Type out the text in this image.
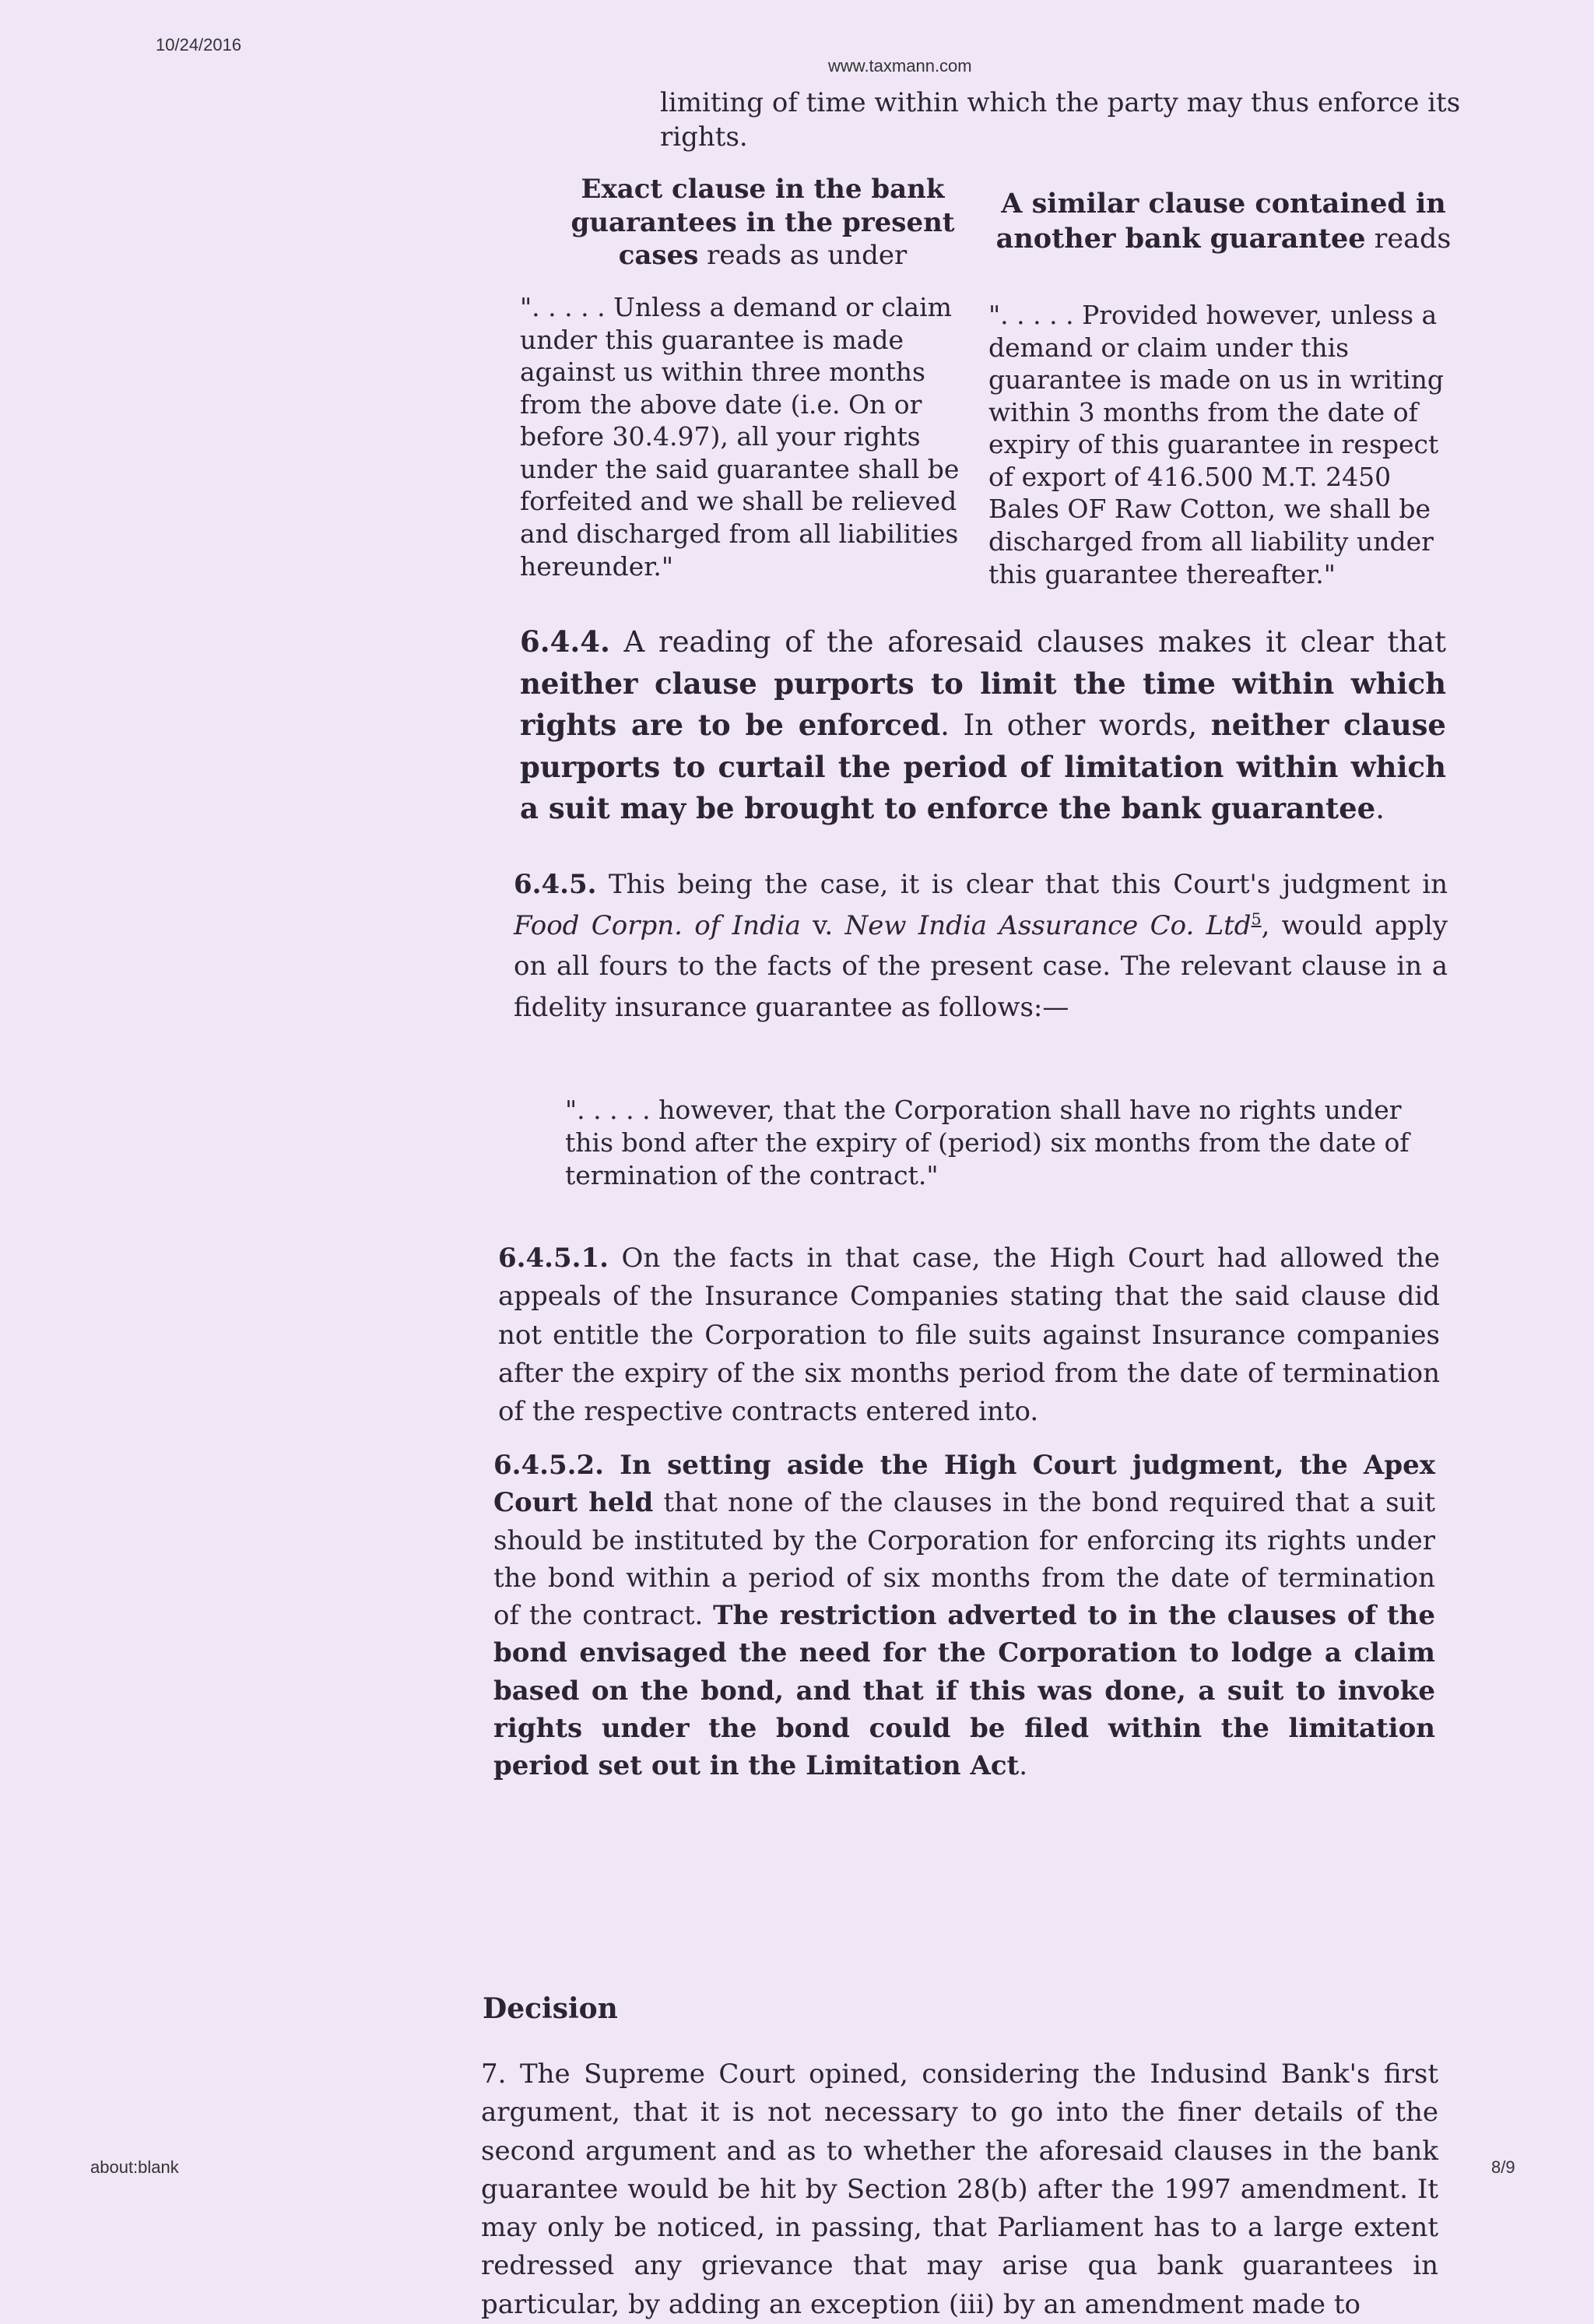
10/24/2016
www.taxmann.com
limiting of time within which the party may thus enforce its rights.
Exact clause in the bank guarantees in the present cases reads as under
A similar clause contained in another bank guarantee reads
". . . . . Unless a demand or claim under this guarantee is made against us within three months from the above date (i.e. On or before 30.4.97), all your rights under the said guarantee shall be forfeited and we shall be relieved and discharged from all liabilities hereunder."
". . . . . Provided however, unless a demand or claim under this guarantee is made on us in writing within 3 months from the date of expiry of this guarantee in respect of export of 416.500 M.T. 2450 Bales OF Raw Cotton, we shall be discharged from all liability under this guarantee thereafter."
6.4.4. A reading of the aforesaid clauses makes it clear that neither clause purports to limit the time within which rights are to be enforced. In other words, neither clause purports to curtail the period of limitation within which a suit may be brought to enforce the bank guarantee.
6.4.5. This being the case, it is clear that this Court's judgment in Food Corpn. of India v. New India Assurance Co. Ltd$^5$, would apply on all fours to the facts of the present case. The relevant clause in a fidelity insurance guarantee as follows:—
". . . . . however, that the Corporation shall have no rights under this bond after the expiry of (period) six months from the date of termination of the contract."
6.4.5.1. On the facts in that case, the High Court had allowed the appeals of the Insurance Companies stating that the said clause did not entitle the Corporation to file suits against Insurance companies after the expiry of the six months period from the date of termination of the respective contracts entered into.
6.4.5.2. In setting aside the High Court judgment, the Apex Court held that none of the clauses in the bond required that a suit should be instituted by the Corporation for enforcing its rights under the bond within a period of six months from the date of termination of the contract. The restriction adverted to in the clauses of the bond envisaged the need for the Corporation to lodge a claim based on the bond, and that if this was done, a suit to invoke rights under the bond could be filed within the limitation period set out in the Limitation Act.
Decision
7. The Supreme Court opined, considering the Indusind Bank's first argument, that it is not necessary to go into the finer details of the second argument and as to whether the aforesaid clauses in the bank guarantee would be hit by Section 28(b) after the 1997 amendment. It may only be noticed, in passing, that Parliament has to a large extent redressed any grievance that may arise qua bank guarantees in particular, by adding an exception (iii) by an amendment made to
about:blank	8/9
